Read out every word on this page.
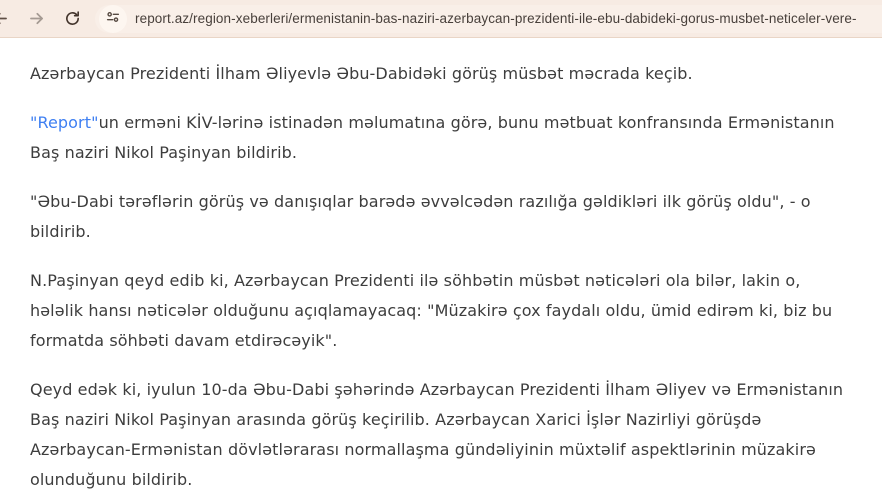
report.az/region-xeberleri/ermenistanin-bas-naziri-azerbaycan-prezidenti-ile-ebu-dabideki-gorus-musbet-neticeler-vere-

Azərbaycan Prezidenti İlham Əliyevlə Əbu-Dabidəki görüş müsbət məcrada keçib.

"Report"un erməni KİV-lərinə istinadən məlumatına görə, bunu mətbuat konfransında Ermənistanın Baş naziri Nikol Paşinyan bildirib.

"Əbu-Dabi tərəflərin görüş və danışıqlar barədə əvvəlcədən razılığa gəldikləri ilk görüş oldu", - o bildirib.

N.Paşinyan qeyd edib ki, Azərbaycan Prezidenti ilə söhbətin müsbət nəticələri ola bilər, lakin o, hələlik hansı nəticələr olduğunu açıqlamayacaq: "Müzakirə çox faydalı oldu, ümid edirəm ki, biz bu formatda söhbəti davam etdirəcəyik".

Qeyd edək ki, iyulun 10-da Əbu-Dabi şəhərində Azərbaycan Prezidenti İlham Əliyev və Ermənistanın Baş naziri Nikol Paşinyan arasında görüş keçirilib. Azərbaycan Xarici İşlər Nazirliyi görüşdə Azərbaycan-Ermənistan dövlətlərarası normallaşma gündəliyinin müxtəlif aspektlərinin müzakirə olunduğunu bildirib.
